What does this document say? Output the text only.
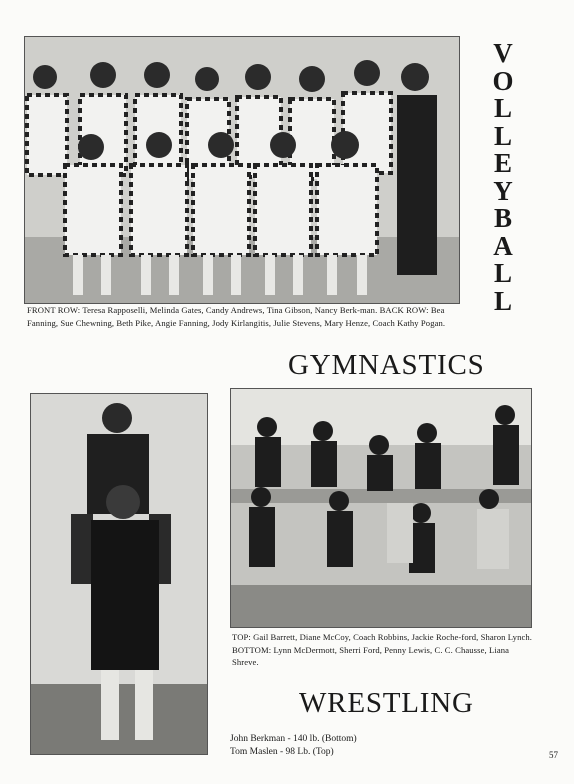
FRONT ROW: Teresa Rapposelli, Melinda Gates, Candy Andrews, Tina Gibson, Nancy Berk-man. BACK ROW: Bea Fanning, Sue Chewning, Beth Pike, Angie Fanning, Jody Kirlangitis, Julie Stevens, Mary Henze, Coach Kathy Pogan.

VOLLEYBALL
GYMNASTICS

TOP: Gail Barrett, Diane McCoy, Coach Robbins, Jackie Roche-ford, Sharon Lynch. BOTTOM: Lynn McDermott, Sherri Ford, Penny Lewis, C. C. Chausse, Liana Shreve.

WRESTLING
John Berkman - 140 lb. (Bottom)
Tom Maslen - 98 Lb. (Top)	57
